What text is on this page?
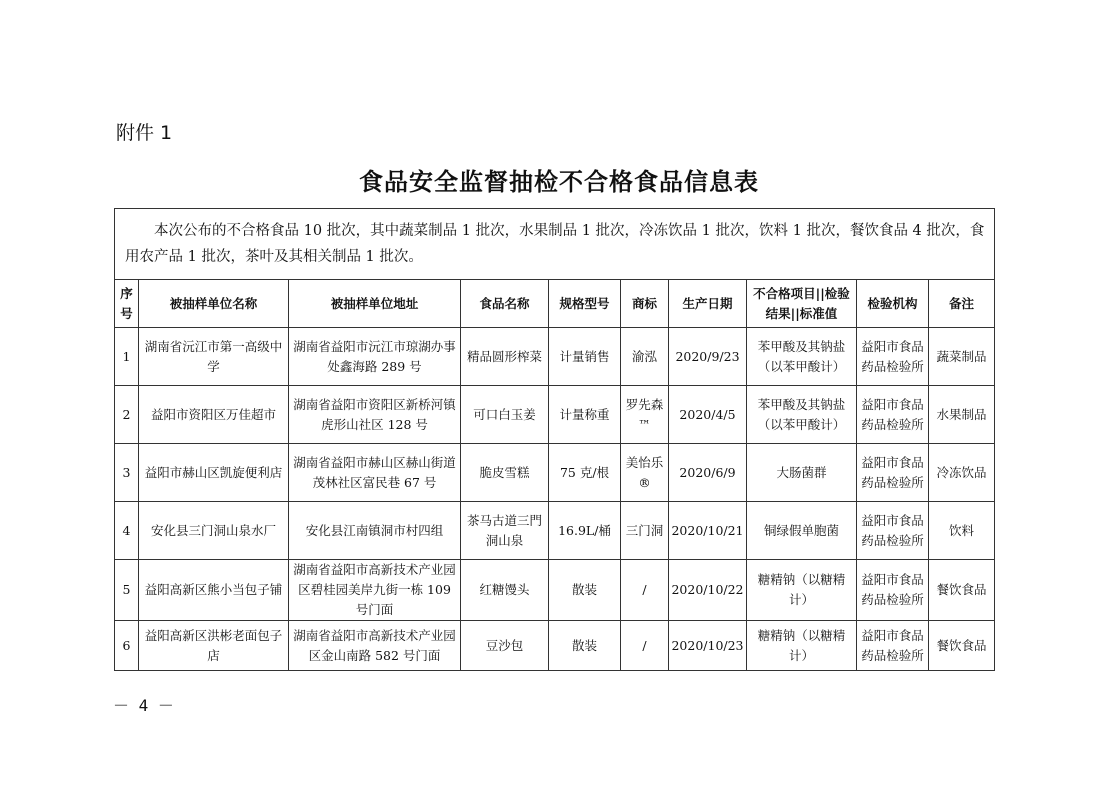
附件 1
食品安全监督抽检不合格食品信息表
本次公布的不合格食品 10 批次，其中蔬菜制品 1 批次，水果制品 1 批次，冷冻饮品 1 批次，饮料 1 批次，餐饮食品 4 批次，食用农产品 1 批次，茶叶及其相关制品 1 批次。									

序号	被抽样单位名称	被抽样单位地址	食品名称	规格型号	商标	生产日期	不合格项目||检验结果||标准值	检验机构	备注
1	湖南省沅江市第一高级中学	湖南省益阳市沅江市琼湖办事处鑫海路 289 号	精品圆形榨菜	计量销售	渝泓	2020/9/23	苯甲酸及其钠盐（以苯甲酸计）	益阳市食品药品检验所	蔬菜制品
2	益阳市资阳区万佳超市	湖南省益阳市资阳区新桥河镇虎形山社区 128 号	可口白玉姜	计量称重	罗先森™	2020/4/5	苯甲酸及其钠盐（以苯甲酸计）	益阳市食品药品检验所	水果制品
3	益阳市赫山区凯旋便利店	湖南省益阳市赫山区赫山街道茂林社区富民巷 67 号	脆皮雪糕	75 克/根	美怡乐®	2020/6/9	大肠菌群	益阳市食品药品检验所	冷冻饮品
4	安化县三门洞山泉水厂	安化县江南镇洞市村四组	茶马古道三門洞山泉	16.9L/桶	三门洞	2020/10/21	铜绿假单胞菌	益阳市食品药品检验所	饮料
5	益阳高新区熊小当包子铺	湖南省益阳市高新技术产业园区碧桂园美岸九街一栋 109 号门面	红糖馒头	散装	/	2020/10/22	糖精钠（以糖精计）	益阳市食品药品检验所	餐饮食品
6	益阳高新区洪彬老面包子店	湖南省益阳市高新技术产业园区金山南路 582 号门面	豆沙包	散装	/	2020/10/23	糖精钠（以糖精计）	益阳市食品药品检验所	餐饮食品
－ 4 －
